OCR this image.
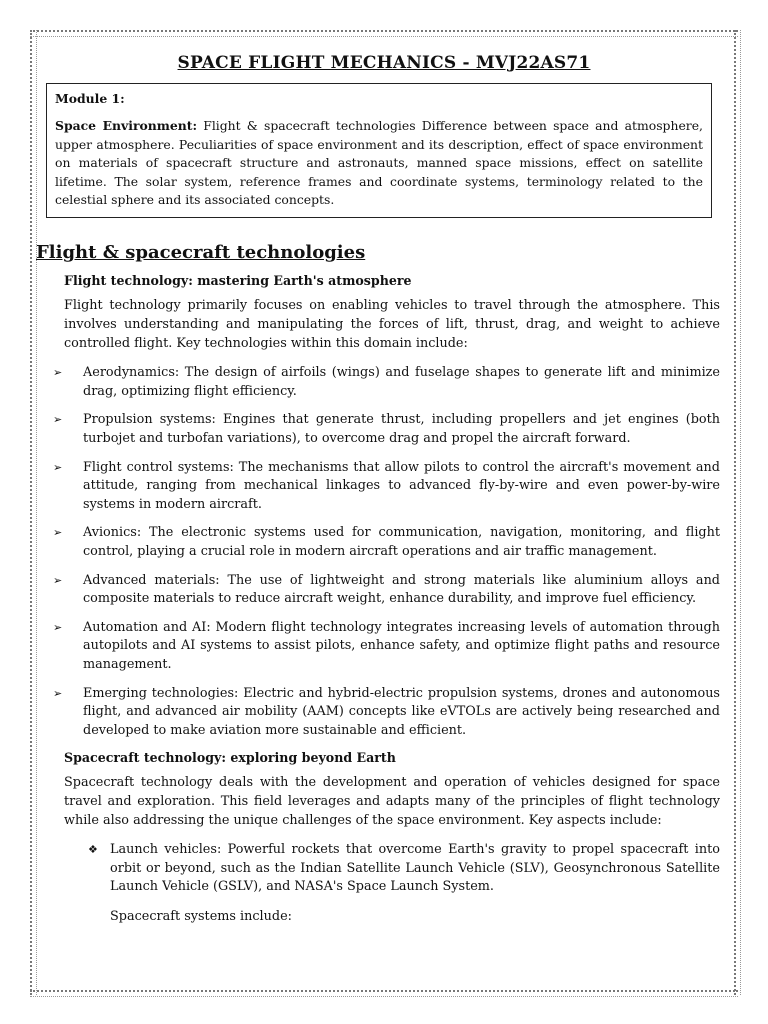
SPACE FLIGHT MECHANICS - MVJ22AS71

Module 1:

Space Environment: Flight & spacecraft technologies Difference between space and atmosphere, upper atmosphere. Peculiarities of space environment and its description, effect of space environment on materials of spacecraft structure and astronauts, manned space missions, effect on satellite lifetime. The solar system, reference frames and coordinate systems, terminology related to the celestial sphere and its associated concepts.

Flight & spacecraft technologies
Flight technology: mastering Earth's atmosphere

Flight technology primarily focuses on enabling vehicles to travel through the atmosphere. This involves understanding and manipulating the forces of lift, thrust, drag, and weight to achieve controlled flight. Key technologies within this domain include:

➢ Aerodynamics: The design of airfoils (wings) and fuselage shapes to generate lift and minimize drag, optimizing flight efficiency.
➢ Propulsion systems: Engines that generate thrust, including propellers and jet engines (both turbojet and turbofan variations), to overcome drag and propel the aircraft forward.
➢ Flight control systems: The mechanisms that allow pilots to control the aircraft's movement and attitude, ranging from mechanical linkages to advanced fly-by-wire and even power-by-wire systems in modern aircraft.
➢ Avionics: The electronic systems used for communication, navigation, monitoring, and flight control, playing a crucial role in modern aircraft operations and air traffic management.
➢ Advanced materials: The use of lightweight and strong materials like aluminium alloys and composite materials to reduce aircraft weight, enhance durability, and improve fuel efficiency.
➢ Automation and AI: Modern flight technology integrates increasing levels of automation through autopilots and AI systems to assist pilots, enhance safety, and optimize flight paths and resource management.
➢ Emerging technologies: Electric and hybrid-electric propulsion systems, drones and autonomous flight, and advanced air mobility (AAM) concepts like eVTOLs are actively being researched and developed to make aviation more sustainable and efficient.
Spacecraft technology: exploring beyond Earth

Spacecraft technology deals with the development and operation of vehicles designed for space travel and exploration. This field leverages and adapts many of the principles of flight technology while also addressing the unique challenges of the space environment. Key aspects include:

❖ Launch vehicles: Powerful rockets that overcome Earth's gravity to propel spacecraft into orbit or beyond, such as the Indian Satellite Launch Vehicle (SLV), Geosynchronous Satellite Launch Vehicle (GSLV), and NASA's Space Launch System.

Spacecraft systems include:
